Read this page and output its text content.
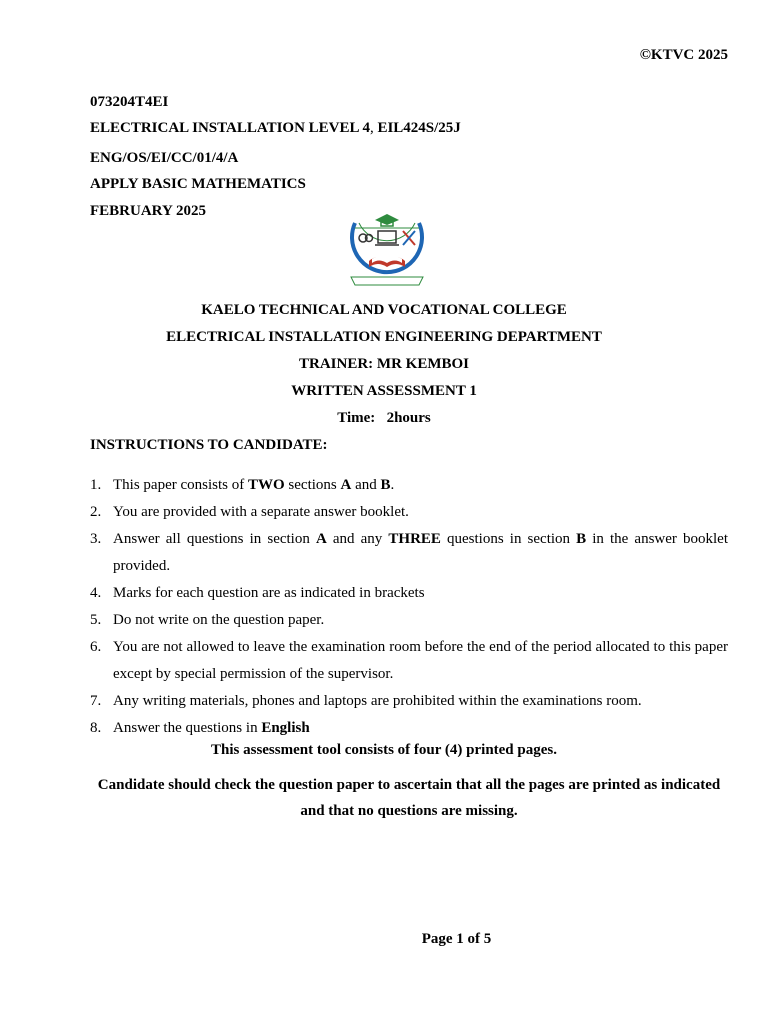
©KTVC 2025
073204T4EI
ELECTRICAL INSTALLATION LEVEL 4, EIL424S/25J
ENG/OS/EI/CC/01/4/A
APPLY BASIC MATHEMATICS
FEBRUARY 2025
KAELO TECHNICAL AND VOCATIONAL COLLEGE
ELECTRICAL INSTALLATION ENGINEERING DEPARTMENT
TRAINER: MR KEMBOI
WRITTEN ASSESSMENT 1
Time: 2hours
INSTRUCTIONS TO CANDIDATE:
1. This paper consists of TWO sections A and B.
2. You are provided with a separate answer booklet.
3. Answer all questions in section A and any THREE questions in section B in the answer booklet provided.
4. Marks for each question are as indicated in brackets
5. Do not write on the question paper.
6. You are not allowed to leave the examination room before the end of the period allocated to this paper except by special permission of the supervisor.
7. Any writing materials, phones and laptops are prohibited within the examinations room.
8. Answer the questions in English
This assessment tool consists of four (4) printed pages.
Candidate should check the question paper to ascertain that all the pages are printed as indicated and that no questions are missing.
Page 1 of 5
